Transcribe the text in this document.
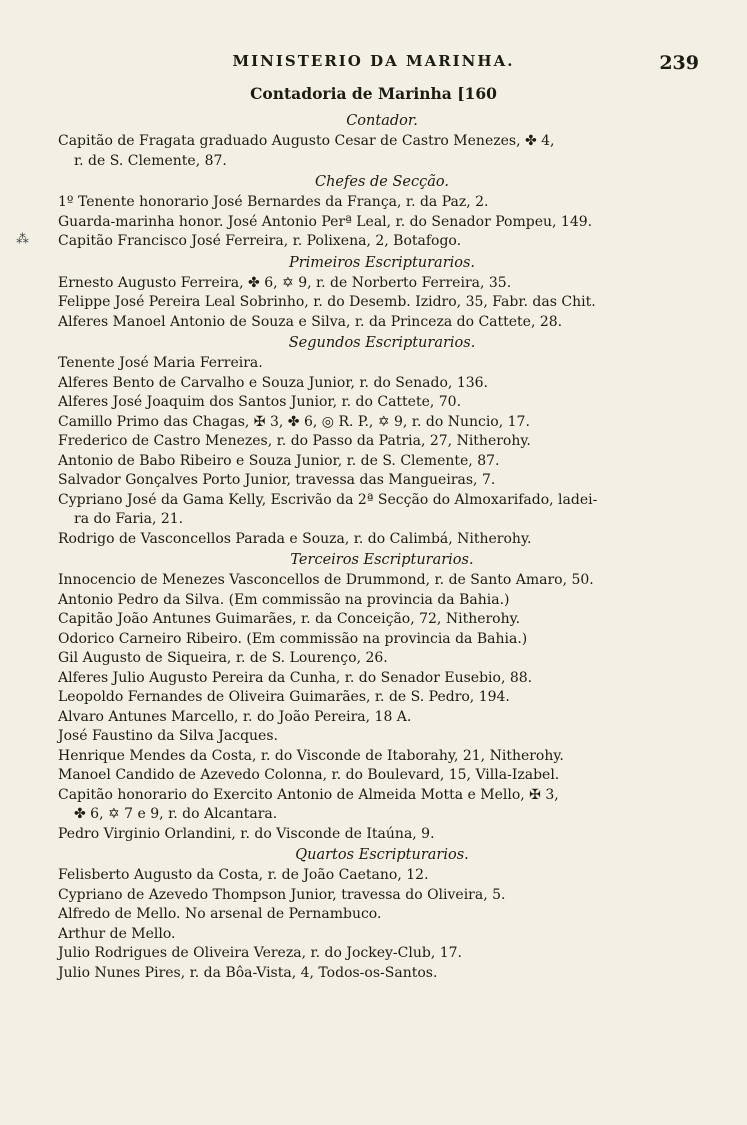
MINISTERIO DA MARINHA.	239
Contadoria de Marinha [160
⁂
Contador.
Capitão de Fragata graduado Augusto Cesar de Castro Menezes, ✤ 4,
r. de S. Clemente, 87.
Chefes de Secção.
1º Tenente honorario José Bernardes da França, r. da Paz, 2.
Guarda-marinha honor. José Antonio Perª Leal, r. do Senador Pompeu, 149.
Capitão Francisco José Ferreira, r. Polixena, 2, Botafogo.
Primeiros Escripturarios.
Ernesto Augusto Ferreira, ✤ 6, ✡ 9, r. de Norberto Ferreira, 35.
Felippe José Pereira Leal Sobrinho, r. do Desemb. Izidro, 35, Fabr. das Chit.
Alferes Manoel Antonio de Souza e Silva, r. da Princeza do Cattete, 28.
Segundos Escripturarios.
Tenente José Maria Ferreira.
Alferes Bento de Carvalho e Souza Junior, r. do Senado, 136.
Alferes José Joaquim dos Santos Junior, r. do Cattete, 70.
Camillo Primo das Chagas, ✠ 3, ✤ 6, ◎ R. P., ✡ 9, r. do Nuncio, 17.
Frederico de Castro Menezes, r. do Passo da Patria, 27, Nitherohy.
Antonio de Babo Ribeiro e Souza Junior, r. de S. Clemente, 87.
Salvador Gonçalves Porto Junior, travessa das Mangueiras, 7.
Cypriano José da Gama Kelly, Escrivão da 2ª Secção do Almoxarifado, ladei-
ra do Faria, 21.
Rodrigo de Vasconcellos Parada e Souza, r. do Calimbá, Nitherohy.
Terceiros Escripturarios.
Innocencio de Menezes Vasconcellos de Drummond, r. de Santo Amaro, 50.
Antonio Pedro da Silva. (Em commissão na provincia da Bahia.)
Capitão João Antunes Guimarães, r. da Conceição, 72, Nitherohy.
Odorico Carneiro Ribeiro. (Em commissão na provincia da Bahia.)
Gil Augusto de Siqueira, r. de S. Lourenço, 26.
Alferes Julio Augusto Pereira da Cunha, r. do Senador Eusebio, 88.
Leopoldo Fernandes de Oliveira Guimarães, r. de S. Pedro, 194.
Alvaro Antunes Marcello, r. do João Pereira, 18 A.
José Faustino da Silva Jacques.
Henrique Mendes da Costa, r. do Visconde de Itaborahy, 21, Nitherohy.
Manoel Candido de Azevedo Colonna, r. do Boulevard, 15, Villa-Izabel.
Capitão honorario do Exercito Antonio de Almeida Motta e Mello, ✠ 3,
✤ 6, ✡ 7 e 9, r. do Alcantara.
Pedro Virginio Orlandini, r. do Visconde de Itaúna, 9.
Quartos Escripturarios.
Felisberto Augusto da Costa, r. de João Caetano, 12.
Cypriano de Azevedo Thompson Junior, travessa do Oliveira, 5.
Alfredo de Mello. No arsenal de Pernambuco.
Arthur de Mello.
Julio Rodrigues de Oliveira Vereza, r. do Jockey-Club, 17.
Julio Nunes Pires, r. da Bôa-Vista, 4, Todos-os-Santos.
